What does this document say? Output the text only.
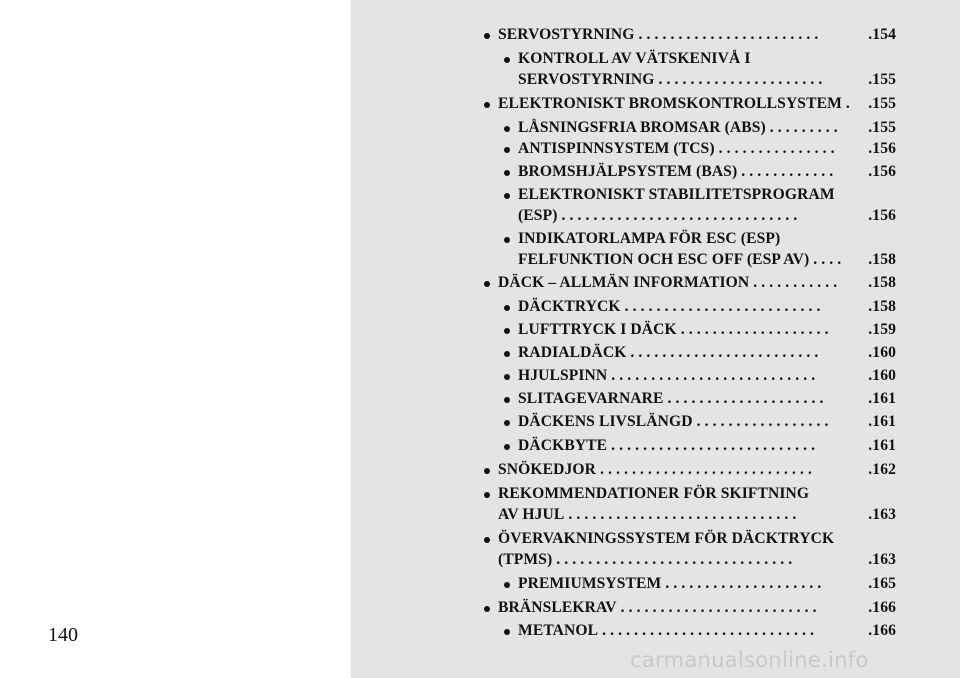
140
SERVOSTYRNING . . . . . . . . . . . . . . . . . . . . . . .	.154
KONTROLL AV VÄTSKENIVÅ I
SERVOSTYRNING . . . . . . . . . . . . . . . . . . . . .	.155
ELEKTRONISKT BROMSKONTROLLSYSTEM . .155
LÅSNINGSFRIA BROMSAR (ABS) . . . . . . . . .	.155
ANTISPINNSYSTEM (TCS) . . . . . . . . . . . . . . .	.156
BROMSHJÄLPSYSTEM (BAS) . . . . . . . . . . . .	.156
ELEKTRONISKT STABILITETSPROGRAM
(ESP) . . . . . . . . . . . . . . . . . . . . . . . . . . . . . .	.156
INDIKATORLAMPA FÖR ESC (ESP)
FELFUNKTION OCH ESC OFF (ESP AV) . . . .	.158
DÄCK – ALLMÄN INFORMATION . . . . . . . . . . .	.158
DÄCKTRYCK . . . . . . . . . . . . . . . . . . . . . . . . .	.158
LUFTTRYCK I DÄCK . . . . . . . . . . . . . . . . . . .	.159
RADIALDÄCK . . . . . . . . . . . . . . . . . . . . . . . .	.160
HJULSPINN . . . . . . . . . . . . . . . . . . . . . . . . . .	.160
SLITAGEVARNARE . . . . . . . . . . . . . . . . . . . .	.161
DÄCKENS LIVSLÄNGD . . . . . . . . . . . . . . . . .	.161
DÄCKBYTE . . . . . . . . . . . . . . . . . . . . . . . . . .	.161
SNÖKEDJOR . . . . . . . . . . . . . . . . . . . . . . . . . . .	.162
REKOMMENDATIONER FÖR SKIFTNING
AV HJUL . . . . . . . . . . . . . . . . . . . . . . . . . . . . .	.163
ÖVERVAKNINGSSYSTEM FÖR DÄCKTRYCK
(TPMS) . . . . . . . . . . . . . . . . . . . . . . . . . . . . . .	.163
PREMIUMSYSTEM . . . . . . . . . . . . . . . . . . . .	.165
BRÄNSLEKRAV . . . . . . . . . . . . . . . . . . . . . . . . .	.166
METANOL . . . . . . . . . . . . . . . . . . . . . . . . . . .	.166
carmanualsonline.info
